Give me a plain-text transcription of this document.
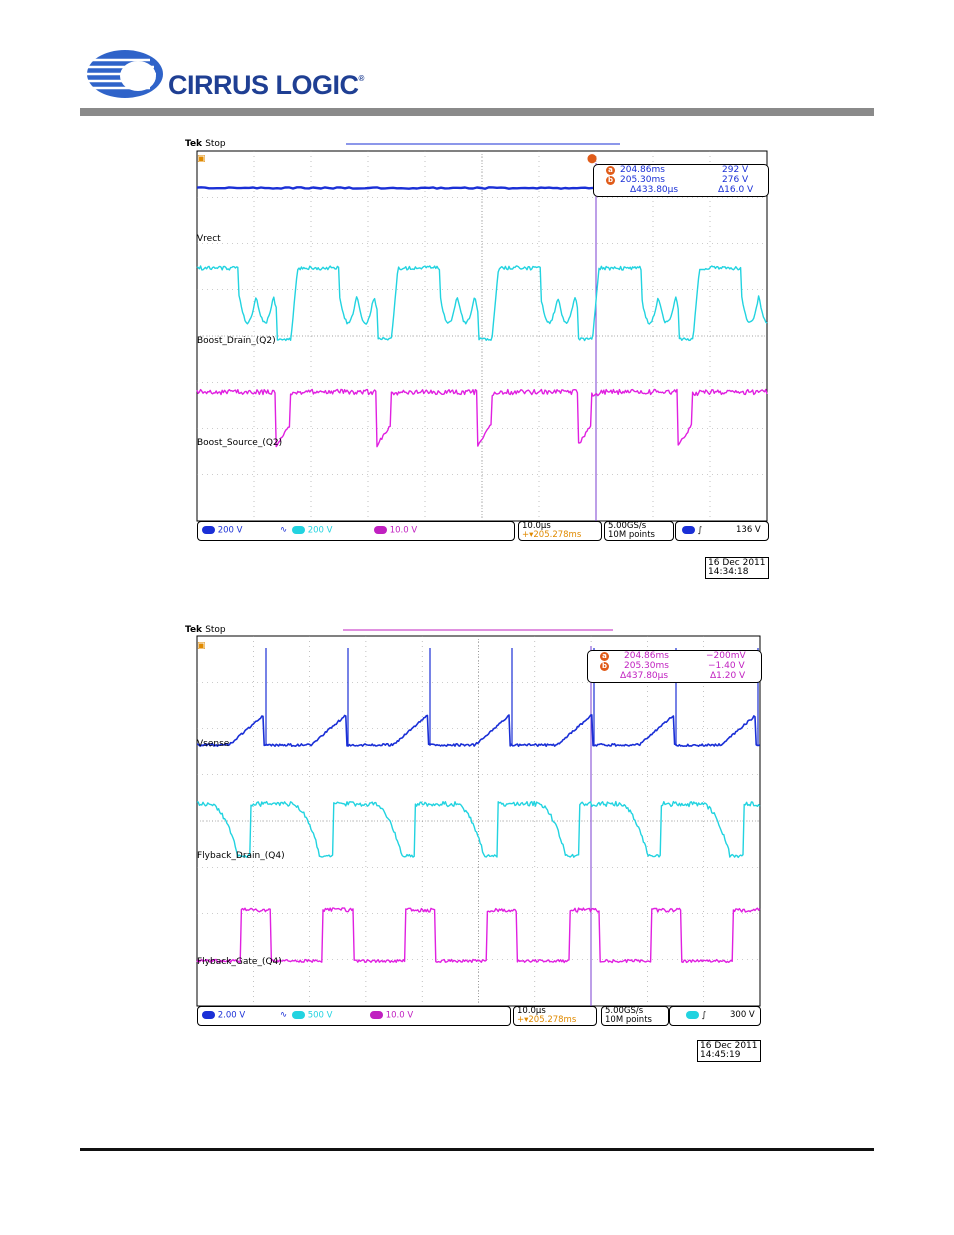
CIRRUS LOGIC®
⬤
▣
Tek Stop
Vrect
Boost_Drain_(Q2)
Boost_Source_(Q2)
a
b
204.86ms	292 V
205.30ms	276 V
Δ433.80µs	Δ16.0 V
200 V	∿	200 V	10.0 V	10.0µs
+▾205.278ms
5.00GS/s
10M points	∫	136 V
16 Dec 2011
14:34:18
▣
Tek Stop
Vsense
Flyback_Drain_(Q4)
Flyback_Gate_(Q4)
a
b
204.86ms	−200mV
205.30ms	−1.40 V
Δ437.80µs	Δ1.20 V
2.00 V	∿	500 V	10.0 V	10.0µs
+▾205.278ms
5.00GS/s
10M points	∫	300 V
16 Dec 2011
14:45:19
